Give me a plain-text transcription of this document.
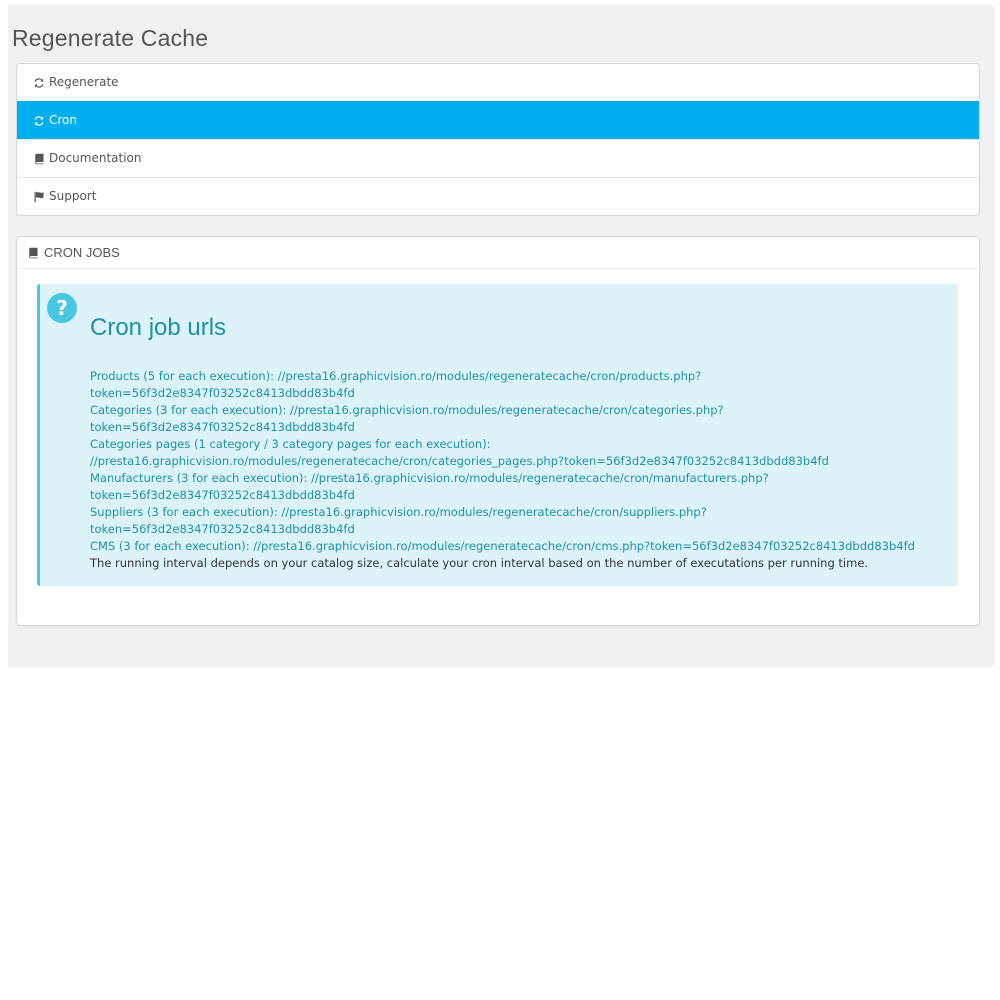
Regenerate Cache
Regenerate
Cron
Documentation
Support
CRON JOBS
?
Cron job urls
Products (5 for each execution): //presta16.graphicvision.ro/modules/regeneratecache/cron/products.php?token=56f3d2e8347f03252c8413dbdd83b4fd
Categories (3 for each execution): //presta16.graphicvision.ro/modules/regeneratecache/cron/categories.php?token=56f3d2e8347f03252c8413dbdd83b4fd
Categories pages (1 category / 3 category pages for each execution): //presta16.graphicvision.ro/modules/regeneratecache/cron/categories_pages.php?token=56f3d2e8347f03252c8413dbdd83b4fd
Manufacturers (3 for each execution): //presta16.graphicvision.ro/modules/regeneratecache/cron/manufacturers.php?token=56f3d2e8347f03252c8413dbdd83b4fd
Suppliers (3 for each execution): //presta16.graphicvision.ro/modules/regeneratecache/cron/suppliers.php?token=56f3d2e8347f03252c8413dbdd83b4fd
CMS (3 for each execution): //presta16.graphicvision.ro/modules/regeneratecache/cron/cms.php?token=56f3d2e8347f03252c8413dbdd83b4fd
The running interval depends on your catalog size, calculate your cron interval based on the number of executations per running time.
